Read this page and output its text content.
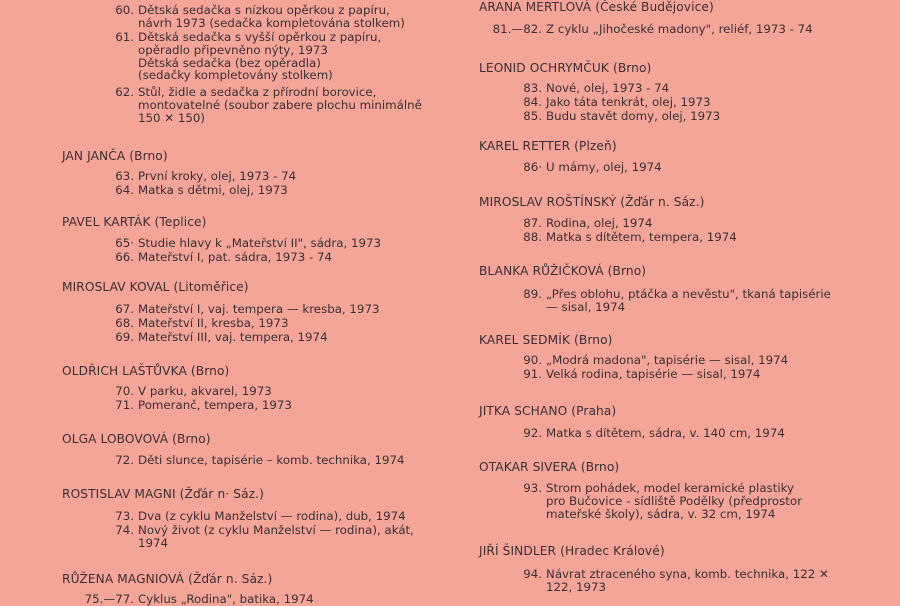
60. Dětská sedačka s nízkou opěrkou z papíru,
návrh 1973 (sedačka kompletována stolkem)
61. Dětská sedačka s vyšší opěrkou z papíru,
opěradlo připevněno nýty, 1973
Dětská sedačka (bez opěradla)
(sedačky kompletovány stolkem)
62. Stůl, židle a sedačka z přírodní borovice,
montovatelné (soubor zabere plochu minimálně
150 ✕ 150)
JAN JANČA (Brno)
63. První kroky, olej, 1973 - 74
64. Matka s dětmi, olej, 1973
PAVEL KARTÁK (Teplice)
65· Studie hlavy k „Mateřství II", sádra, 1973
66. Mateřství I, pat. sádra, 1973 - 74
MIROSLAV KOVAL (Litoměřice)
67. Mateřství I, vaj. tempera — kresba, 1973
68. Mateřství II, kresba, 1973
69. Mateřství III, vaj. tempera, 1974
OLDŘICH LAŠTŮVKA (Brno)
70. V parku, akvarel, 1973
71. Pomeranč, tempera, 1973
OLGA LOBOVOVÁ (Brno)
72. Děti slunce, tapisérie – komb. technika, 1974
ROSTISLAV MAGNI (Žďár n· Sáz.)
73. Dva (z cyklu Manželství — rodina), dub, 1974
74. Nový život (z cyklu Manželství — rodina), akát,
1974
RŮŽENA MAGNIOVÁ (Žďár n. Sáz.)
75.—77. Cyklus „Rodina", batika, 1974
ARANA MERTLOVÁ (České Budějovice)
81.—82. Z cyklu „Jihočeské madony", reliéf, 1973 - 74
LEONID OCHRYMČUK (Brno)
83. Nové, olej, 1973 - 74
84. Jako táta tenkrát, olej, 1973
85. Budu stavět domy, olej, 1973
KAREL RETTER (Plzeň)
86· U mámy, olej, 1974
MIROSLAV ROŠTÍNSKÝ (Žďár n. Sáz.)
87. Rodina, olej, 1974
88. Matka s dítětem, tempera, 1974
BLANKA RŮŽIČKOVÁ (Brno)
89. „Přes oblohu, ptáčka a nevěstu", tkaná tapisérie
— sisal, 1974
KAREL SEDMÍK (Brno)
90. „Modrá madona", tapisérie — sisal, 1974
91. Velká rodina, tapisérie — sisal, 1974
JITKA SCHANO (Praha)
92. Matka s dítětem, sádra, v. 140 cm, 1974
OTAKAR SIVERA (Brno)
93. Strom pohádek, model keramické plastiky
pro Bučovice - sídliště Podělky (předprostor
mateřské školy), sádra, v. 32 cm, 1974
JIŘÍ ŠINDLER (Hradec Králové)
94. Návrat ztraceného syna, komb. technika, 122 ✕
122, 1973
